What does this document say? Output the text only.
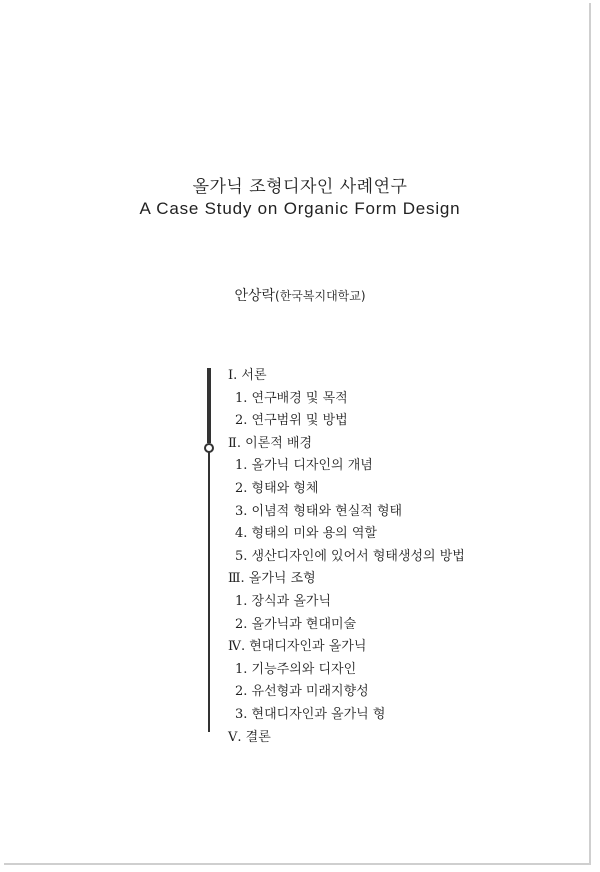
올가닉 조형디자인 사례연구
A Case Study on Organic Form Design
안상락(한국복지대학교)
Ⅰ. 서론
1. 연구배경 및 목적
2. 연구범위 및 방법
Ⅱ. 이론적 배경
1. 올가닉 디자인의 개념
2. 형태와 형체
3. 이념적 형태와 현실적 형태
4. 형태의 미와 용의 역할
5. 생산디자인에 있어서 형태생성의 방법
Ⅲ. 올가닉 조형
1. 장식과 올가닉
2. 올가닉과 현대미술
Ⅳ. 현대디자인과 올가닉
1. 기능주의와 디자인
2. 유선형과 미래지향성
3. 현대디자인과 올가닉 형
Ⅴ. 결론
